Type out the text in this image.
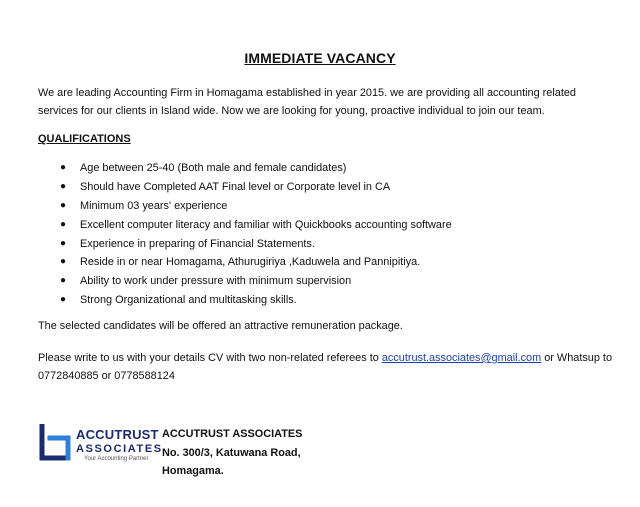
IMMEDIATE VACANCY
We are leading Accounting Firm in Homagama established in year 2015. we are providing all accounting related services for our clients in Island wide. Now we are looking for young, proactive individual to join our team.
QUALIFICATIONS
● Age between 25-40 (Both male and female candidates)
● Should have Completed AAT Final level or Corporate level in CA
● Minimum 03 years' experience
● Excellent computer literacy and familiar with Quickbooks accounting software
● Experience in preparing of Financial Statements.
● Reside in or near Homagama, Athurugiriya ,Kaduwela and Pannipitiya.
● Ability to work under pressure with minimum supervision
● Strong Organizational and multitasking skills.
The selected candidates will be offered an attractive remuneration package.
Please write to us with your details CV with two non-related referees to accutrust.associates@gmail.com or Whatsup to 0772840885 or 0778588124
ACCUTRUST
ASSOCIATES
Your Accounting Partner
ACCUTRUST ASSOCIATES
No. 300/3, Katuwana Road,
Homagama.
